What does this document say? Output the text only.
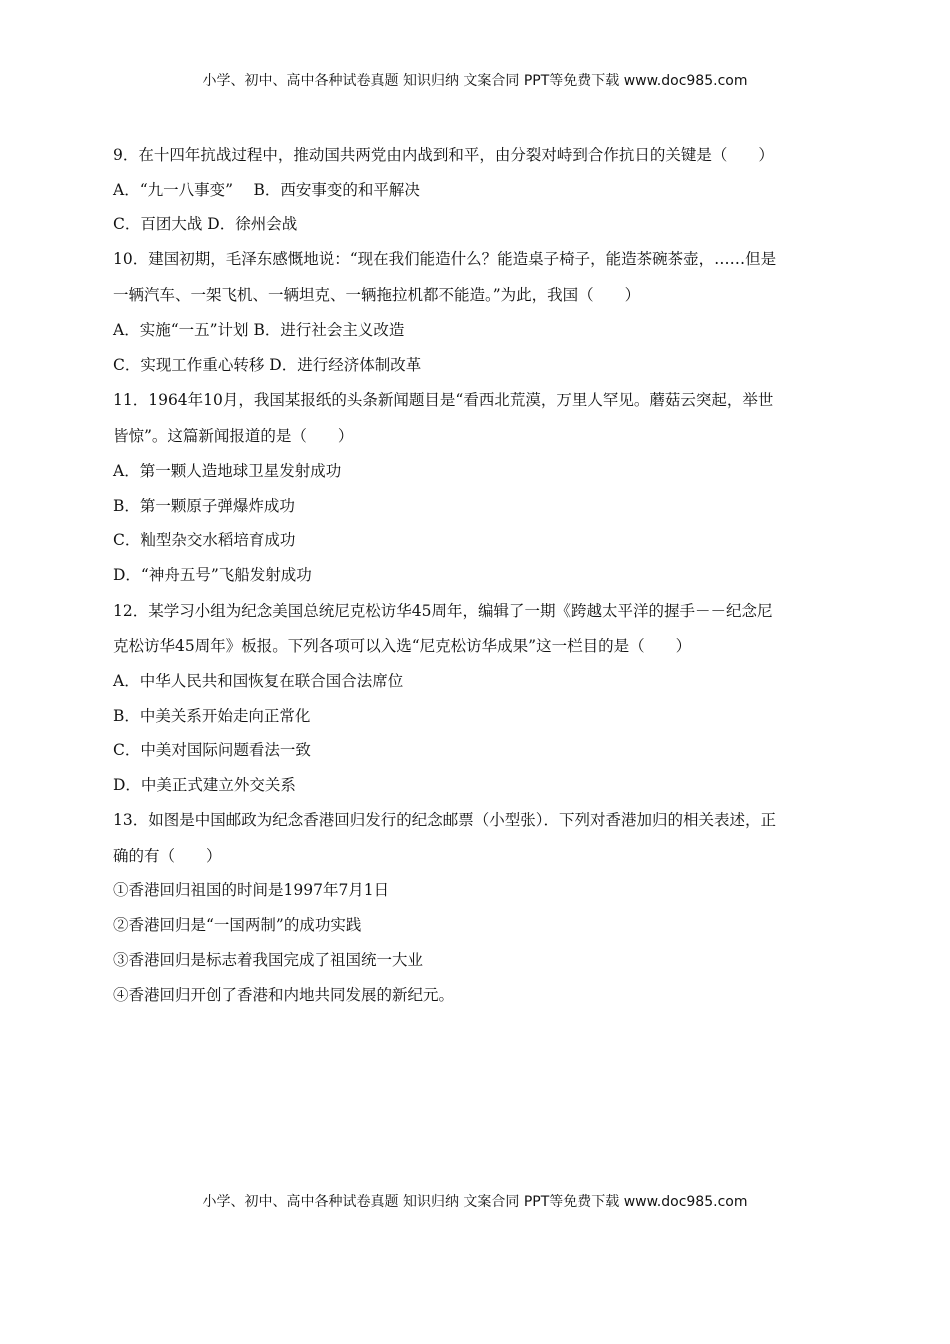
小学、初中、高中各种试卷真题 知识归纳 文案合同 PPT等免费下载 www.doc985.com
9．在十四年抗战过程中，推动国共两党由内战到和平，由分裂对峙到合作抗日的关键是（　　）
A．“九一八事变”　 B．西安事变的和平解决
C．百团大战 D．徐州会战
10．建国初期，毛泽东感慨地说：“现在我们能造什么？能造桌子椅子，能造茶碗茶壶，……但是
一辆汽车、一架飞机、一辆坦克、一辆拖拉机都不能造。”为此，我国（　　）
A．实施“一五”计划 B．进行社会主义改造
C．实现工作重心转移 D．进行经济体制改革
11．1964年10月，我国某报纸的头条新闻题目是“看西北荒漠，万里人罕见。蘑菇云突起，举世
皆惊”。这篇新闻报道的是（　　）
A．第一颗人造地球卫星发射成功
B．第一颗原子弹爆炸成功
C．籼型杂交水稻培育成功
D．“神舟五号”飞船发射成功
12．某学习小组为纪念美国总统尼克松访华45周年，编辑了一期《跨越太平洋的握手－－纪念尼
克松访华45周年》板报。下列各项可以入选“尼克松访华成果”这一栏目的是（　　）
A．中华人民共和国恢复在联合国合法席位
B．中美关系开始走向正常化
C．中美对国际问题看法一致
D．中美正式建立外交关系
13．如图是中国邮政为纪念香港回归发行的纪念邮票（小型张）．下列对香港加归的相关表述，正
确的有（　　）
①香港回归祖国的时间是1997年7月1日
②香港回归是“一国两制”的成功实践
③香港回归是标志着我国完成了祖国统一大业
④香港回归开创了香港和内地共同发展的新纪元。
小学、初中、高中各种试卷真题 知识归纳 文案合同 PPT等免费下载 www.doc985.com
